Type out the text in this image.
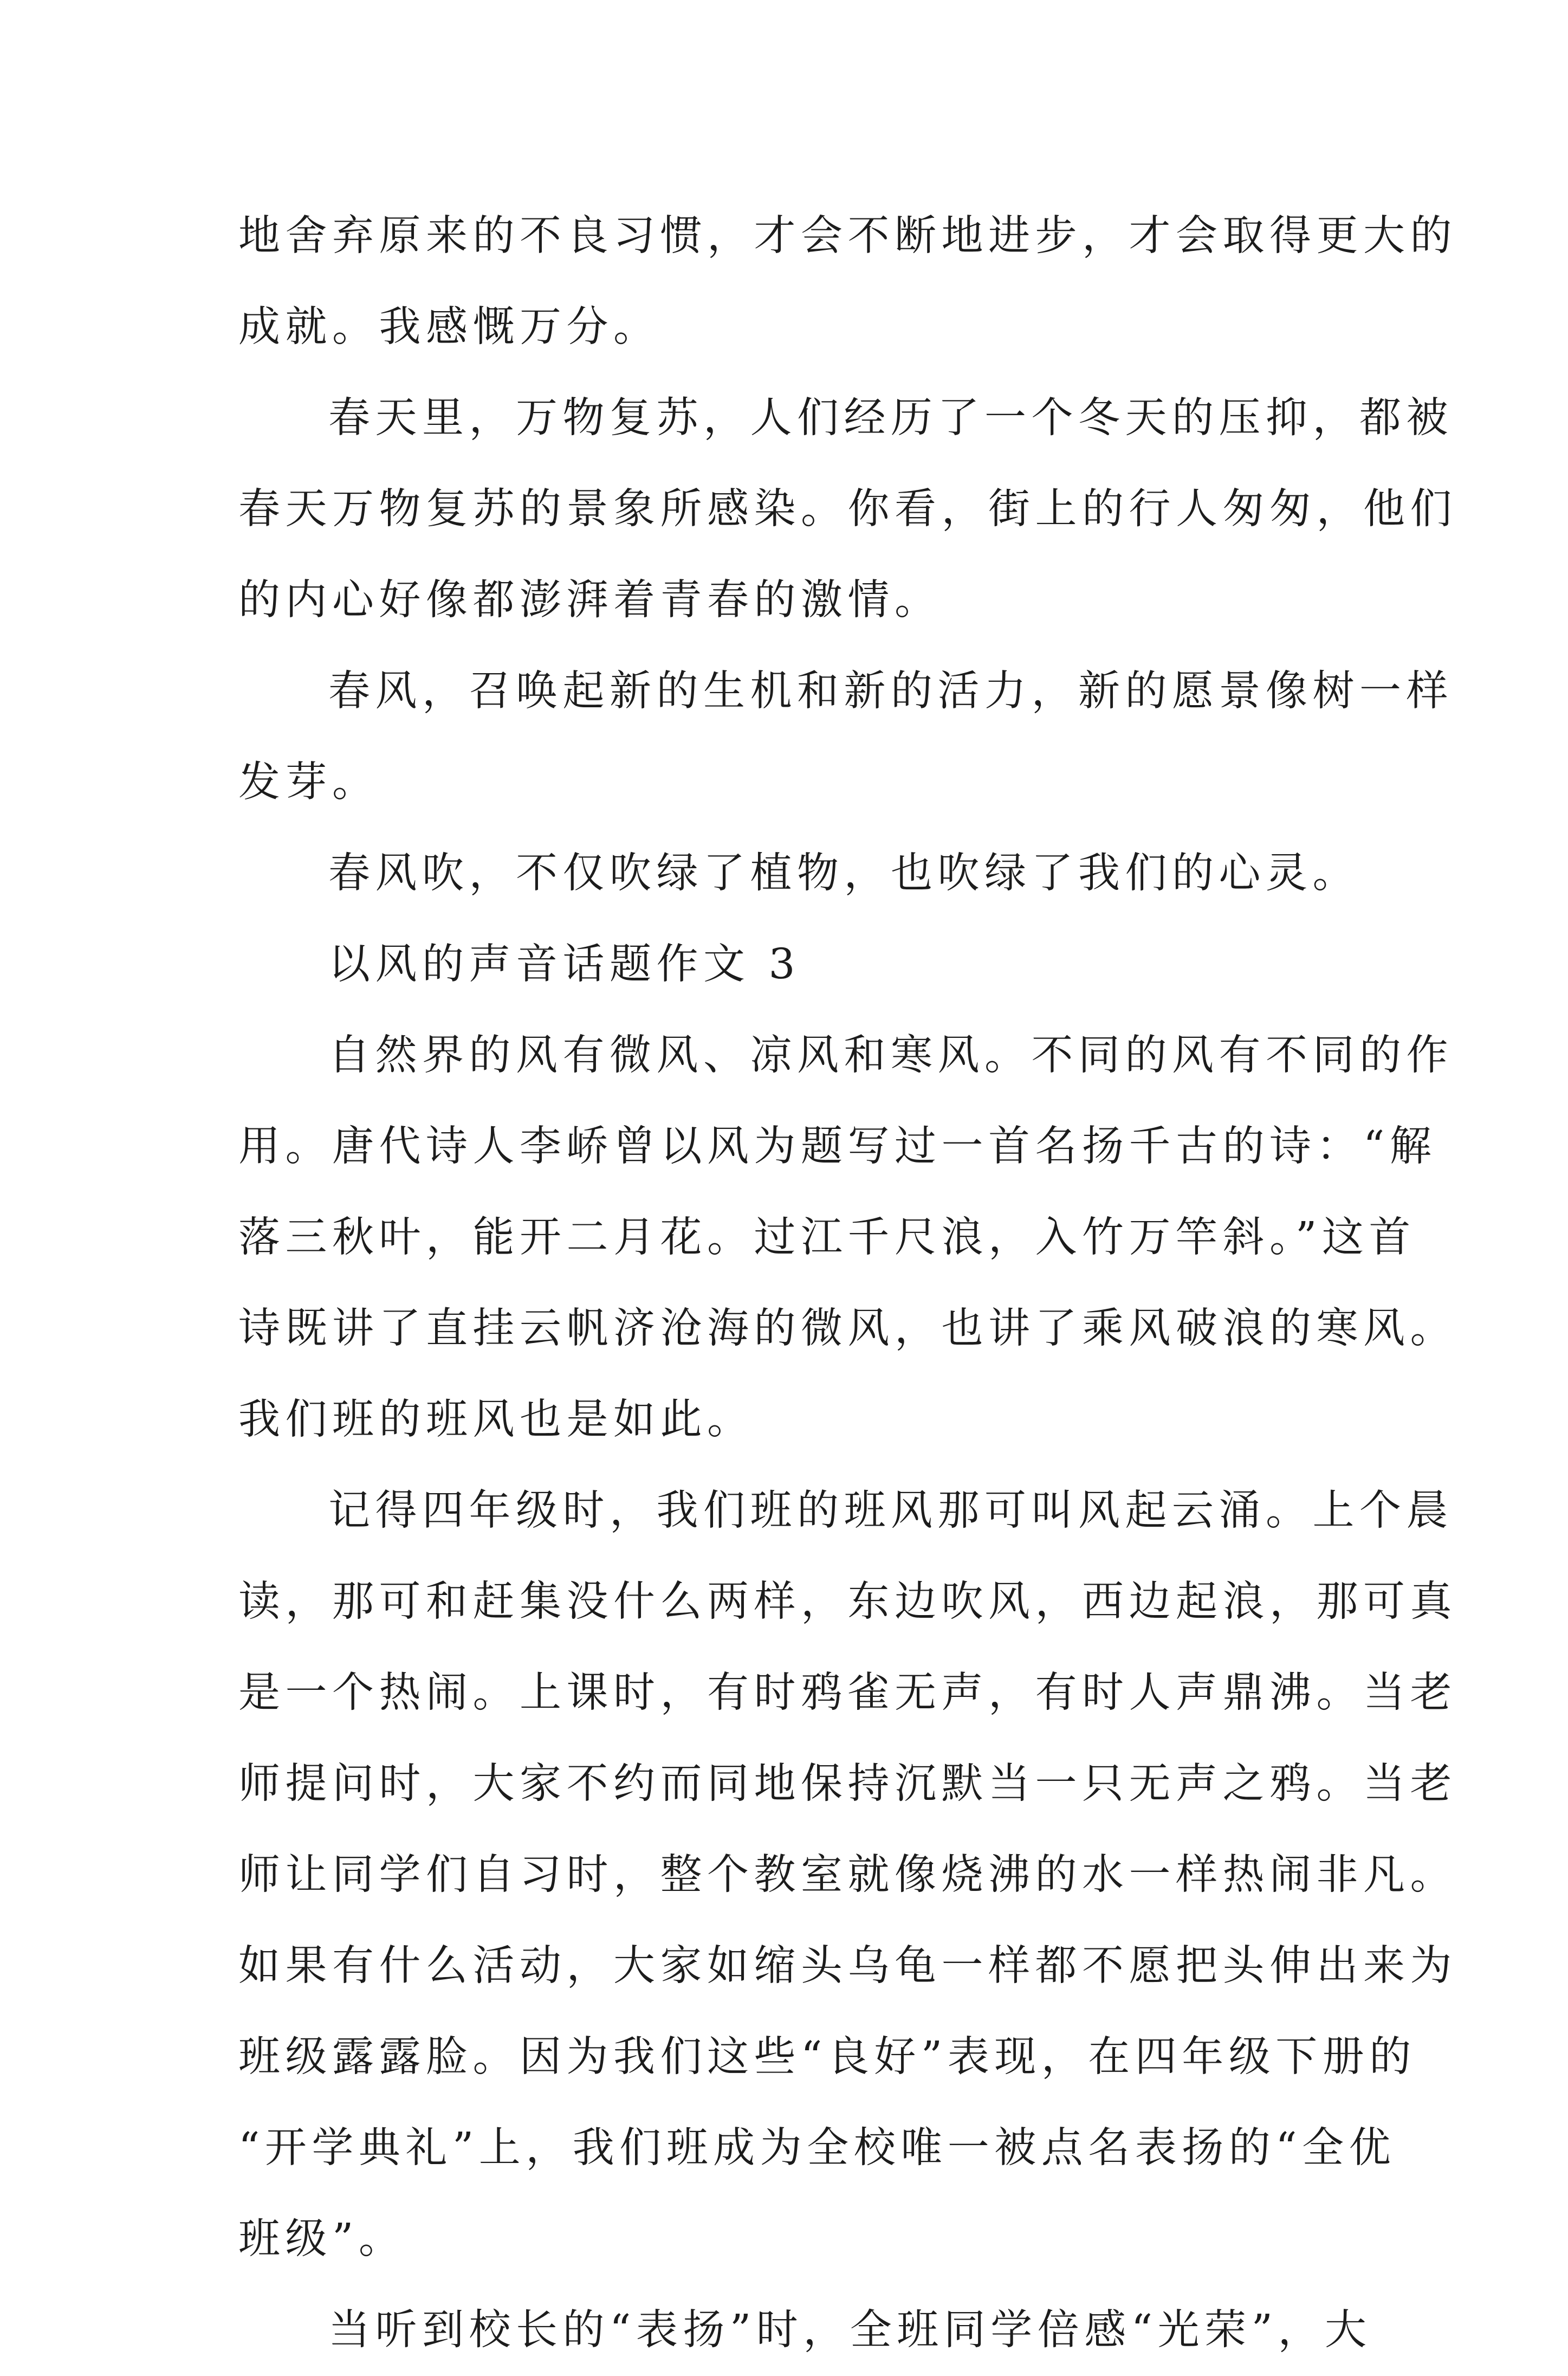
地舍弃原来的不良习惯，才会不断地进步，才会取得更大的
成就。我感慨万分。
春天里，万物复苏，人们经历了一个冬天的压抑，都被
春天万物复苏的景象所感染。你看，街上的行人匆匆，他们
的内心好像都澎湃着青春的激情。
春风，召唤起新的生机和新的活力，新的愿景像树一样
发芽。
春风吹，不仅吹绿了植物，也吹绿了我们的心灵。
以风的声音话题作文 3
自然界的风有微风、凉风和寒风。不同的风有不同的作
用。唐代诗人李峤曾以风为题写过一首名扬千古的诗：“解
落三秋叶，能开二月花。过江千尺浪，入竹万竿斜。”这首
诗既讲了直挂云帆济沧海的微风，也讲了乘风破浪的寒风。
我们班的班风也是如此。
记得四年级时，我们班的班风那可叫风起云涌。上个晨
读，那可和赶集没什么两样，东边吹风，西边起浪，那可真
是一个热闹。上课时，有时鸦雀无声，有时人声鼎沸。当老
师提问时，大家不约而同地保持沉默当一只无声之鸦。当老
师让同学们自习时，整个教室就像烧沸的水一样热闹非凡。
如果有什么活动，大家如缩头乌龟一样都不愿把头伸出来为
班级露露脸。因为我们这些“良好”表现，在四年级下册的
“开学典礼”上，我们班成为全校唯一被点名表扬的“全优
班级”。
当听到校长的“表扬”时，全班同学倍感“光荣”，大
